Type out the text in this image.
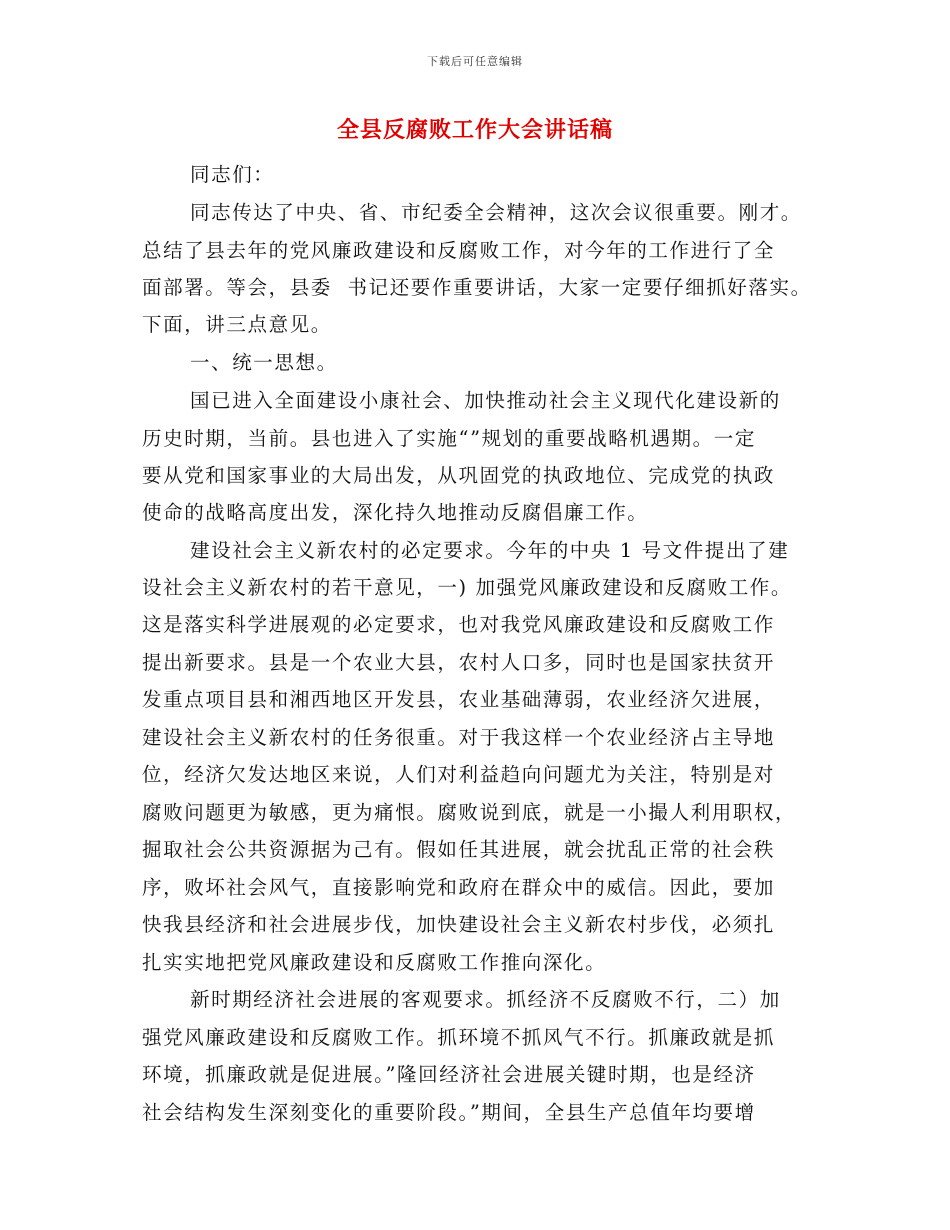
下载后可任意编辑
全县反腐败工作大会讲话稿
同志们：
同志传达了中央、省、市纪委全会精神，这次会议很重要。刚才。
总结了县去年的党风廉政建设和反腐败工作，对今年的工作进行了全
面部署。等会，县委  书记还要作重要讲话，大家一定要仔细抓好落实。
下面，讲三点意见。
一、统一思想。
国已进入全面建设小康社会、加快推动社会主义现代化建设新的
历史时期，当前。县也进入了实施“”规划的重要战略机遇期。一定
要从党和国家事业的大局出发，从巩固党的执政地位、完成党的执政
使命的战略高度出发，深化持久地推动反腐倡廉工作。
建设社会主义新农村的必定要求。今年的中央 1 号文件提出了建
设社会主义新农村的若干意见，一) 加强党风廉政建设和反腐败工作。
这是落实科学进展观的必定要求，也对我党风廉政建设和反腐败工作
提出新要求。县是一个农业大县，农村人口多，同时也是国家扶贫开
发重点项目县和湘西地区开发县，农业基础薄弱，农业经济欠进展，
建设社会主义新农村的任务很重。对于我这样一个农业经济占主导地
位，经济欠发达地区来说，人们对利益趋向问题尤为关注，特别是对
腐败问题更为敏感，更为痛恨。腐败说到底，就是一小撮人利用职权，
掘取社会公共资源据为己有。假如任其进展，就会扰乱正常的社会秩
序，败坏社会风气，直接影响党和政府在群众中的威信。因此，要加
快我县经济和社会进展步伐，加快建设社会主义新农村步伐，必须扎
扎实实地把党风廉政建设和反腐败工作推向深化。
新时期经济社会进展的客观要求。抓经济不反腐败不行，二）加
强党风廉政建设和反腐败工作。抓环境不抓风气不行。抓廉政就是抓
环境，抓廉政就是促进展。”隆回经济社会进展关键时期，也是经济
社会结构发生深刻变化的重要阶段。”期间，全县生产总值年均要增
